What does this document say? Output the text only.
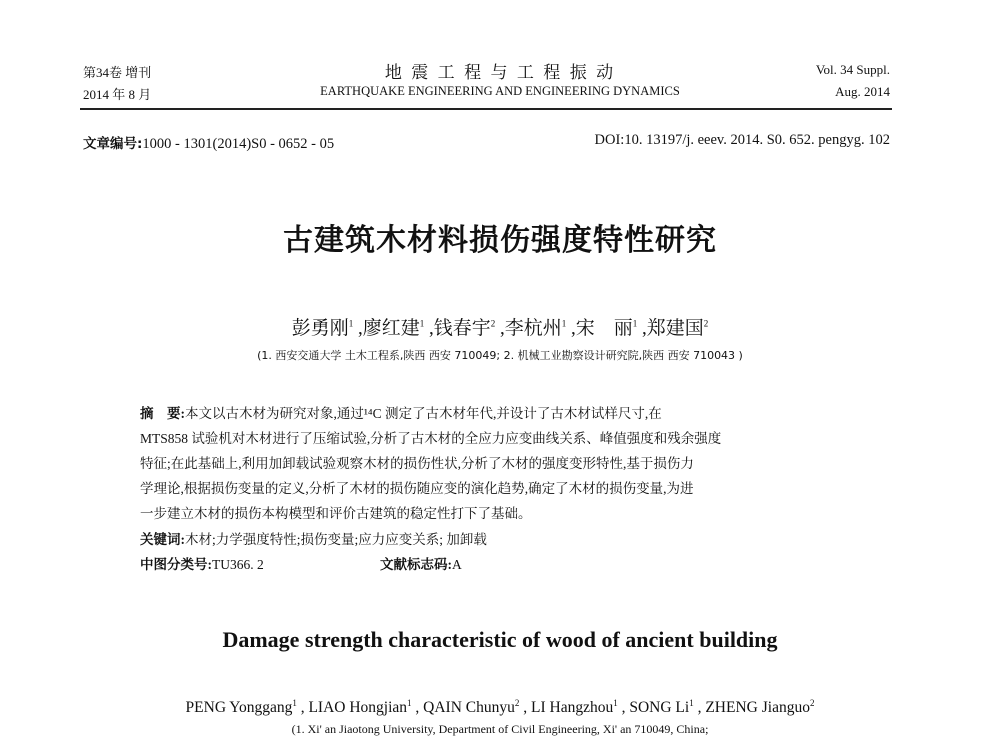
第34卷 增刊
2014 年 8 月
地 震 工 程 与 工 程 振 动
EARTHQUAKE ENGINEERING AND ENGINEERING DYNAMICS
Vol. 34 Suppl.
Aug. 2014
文章编号:1000 - 1301(2014)S0 - 0652 - 05	DOI:10. 13197/j. eeev. 2014. S0. 652. pengyg. 102
古建筑木材料损伤强度特性研究
彭勇刚$^1$ ,廖红建$^1$ ,钱春宇$^2$ ,李杭州$^1$ ,宋　丽$^1$ ,郑建国$^2$
(1. 西安交通大学 土木工程系,陕西 西安 710049; 2. 机械工业勘察设计研究院,陕西 西安 710043 )
摘　要:本文以古木材为研究对象,通过¹⁴C 测定了古木材年代,并设计了古木材试样尺寸,在
MTS858 试验机对木材进行了压缩试验,分析了古木材的全应力应变曲线关系、峰值强度和残余强度
特征;在此基础上,利用加卸载试验观察木材的损伤性状,分析了木材的强度变形特性,基于损伤力
学理论,根据损伤变量的定义,分析了木材的损伤随应变的演化趋势,确定了木材的损伤变量,为进
一步建立木材的损伤本构模型和评价古建筑的稳定性打下了基础。
关键词:木材;力学强度特性;损伤变量;应力应变关系; 加卸载
中图分类号:TU366. 2	文献标志码:A
Damage strength characteristic of wood of ancient building
PENG Yonggang$^1$ , LIAO Hongjian$^1$ , QAIN Chunyu$^2$ , LI Hangzhou$^1$ , SONG Li$^1$ , ZHENG Jianguo$^2$
(1. Xi' an Jiaotong University, Department of Civil Engineering, Xi' an 710049, China;
